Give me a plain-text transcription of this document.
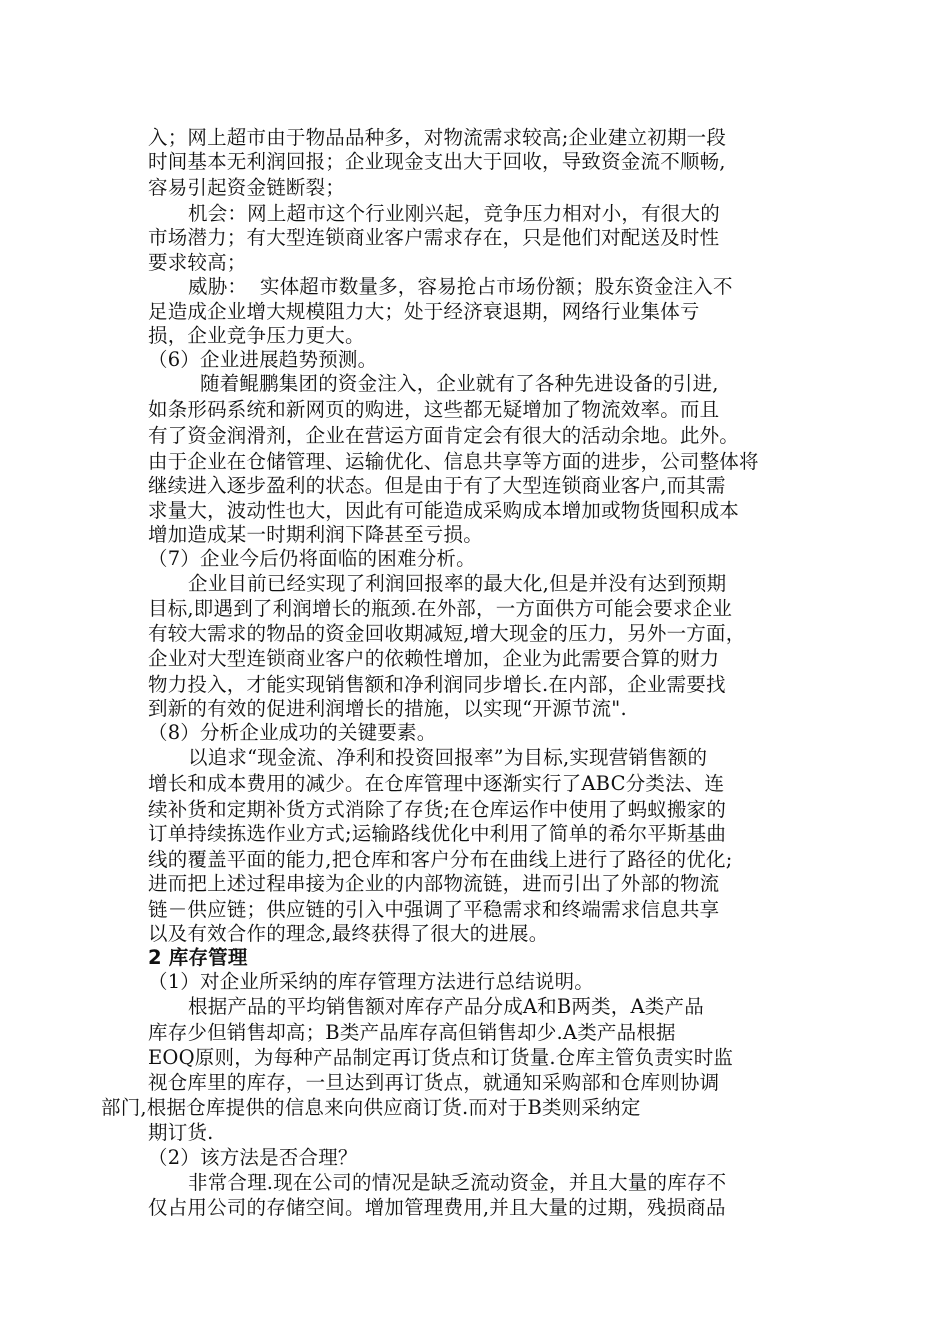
入；网上超市由于物品品种多，对物流需求较高;企业建立初期一段
时间基本无利润回报；企业现金支出大于回收，导致资金流不顺畅,
容易引起资金链断裂；
机会：网上超市这个行业刚兴起，竞争压力相对小，有很大的
市场潜力；有大型连锁商业客户需求存在，只是他们对配送及时性
要求较高；
威胁：  实体超市数量多，容易抢占市场份额；股东资金注入不
足造成企业增大规模阻力大；处于经济衰退期，网络行业集体亏
损，企业竞争压力更大。
（6）企业进展趋势预测。
随着鲲鹏集团的资金注入，企业就有了各种先进设备的引进,
如条形码系统和新网页的购进，这些都无疑增加了物流效率。而且
有了资金润滑剂，企业在营运方面肯定会有很大的活动余地。此外。
由于企业在仓储管理、运输优化、信息共享等方面的进步，公司整体将
继续进入逐步盈利的状态。但是由于有了大型连锁商业客户,而其需
求量大，波动性也大，因此有可能造成采购成本增加或物货囤积成本
增加造成某一时期利润下降甚至亏损。
（7）企业今后仍将面临的困难分析。
企业目前已经实现了利润回报率的最大化,但是并没有达到预期
目标,即遇到了利润增长的瓶颈.在外部，一方面供方可能会要求企业
有较大需求的物品的资金回收期减短,增大现金的压力，另外一方面，
企业对大型连锁商业客户的依赖性增加，企业为此需要合算的财力
物力投入，才能实现销售额和净利润同步增长.在内部，企业需要找
到新的有效的促进利润增长的措施，以实现“开源节流".
（8）分析企业成功的关键要素。
以追求“现金流、净利和投资回报率”为目标,实现营销售额的
增长和成本费用的减少。在仓库管理中逐渐实行了ABC分类法、连
续补货和定期补货方式消除了存货;在仓库运作中使用了蚂蚁搬家的
订单持续拣选作业方式;运输路线优化中利用了简单的希尔平斯基曲
线的覆盖平面的能力,把仓库和客户分布在曲线上进行了路径的优化;
进而把上述过程串接为企业的内部物流链，进而引出了外部的物流
链－供应链；供应链的引入中强调了平稳需求和终端需求信息共享
以及有效合作的理念,最终获得了很大的进展。
2 库存管理
（1）对企业所采纳的库存管理方法进行总结说明。
根据产品的平均销售额对库存产品分成A和B两类，A类产品
库存少但销售却高；B类产品库存高但销售却少.A类产品根据
EOQ原则，为每种产品制定再订货点和订货量.仓库主管负责实时监
视仓库里的库存，一旦达到再订货点，就通知采购部和仓库则协调
部门,根据仓库提供的信息来向供应商订货.而对于B类则采纳定
期订货.
（2）该方法是否合理？
非常合理.现在公司的情况是缺乏流动资金，并且大量的库存不
仅占用公司的存储空间。增加管理费用,并且大量的过期，残损商品
